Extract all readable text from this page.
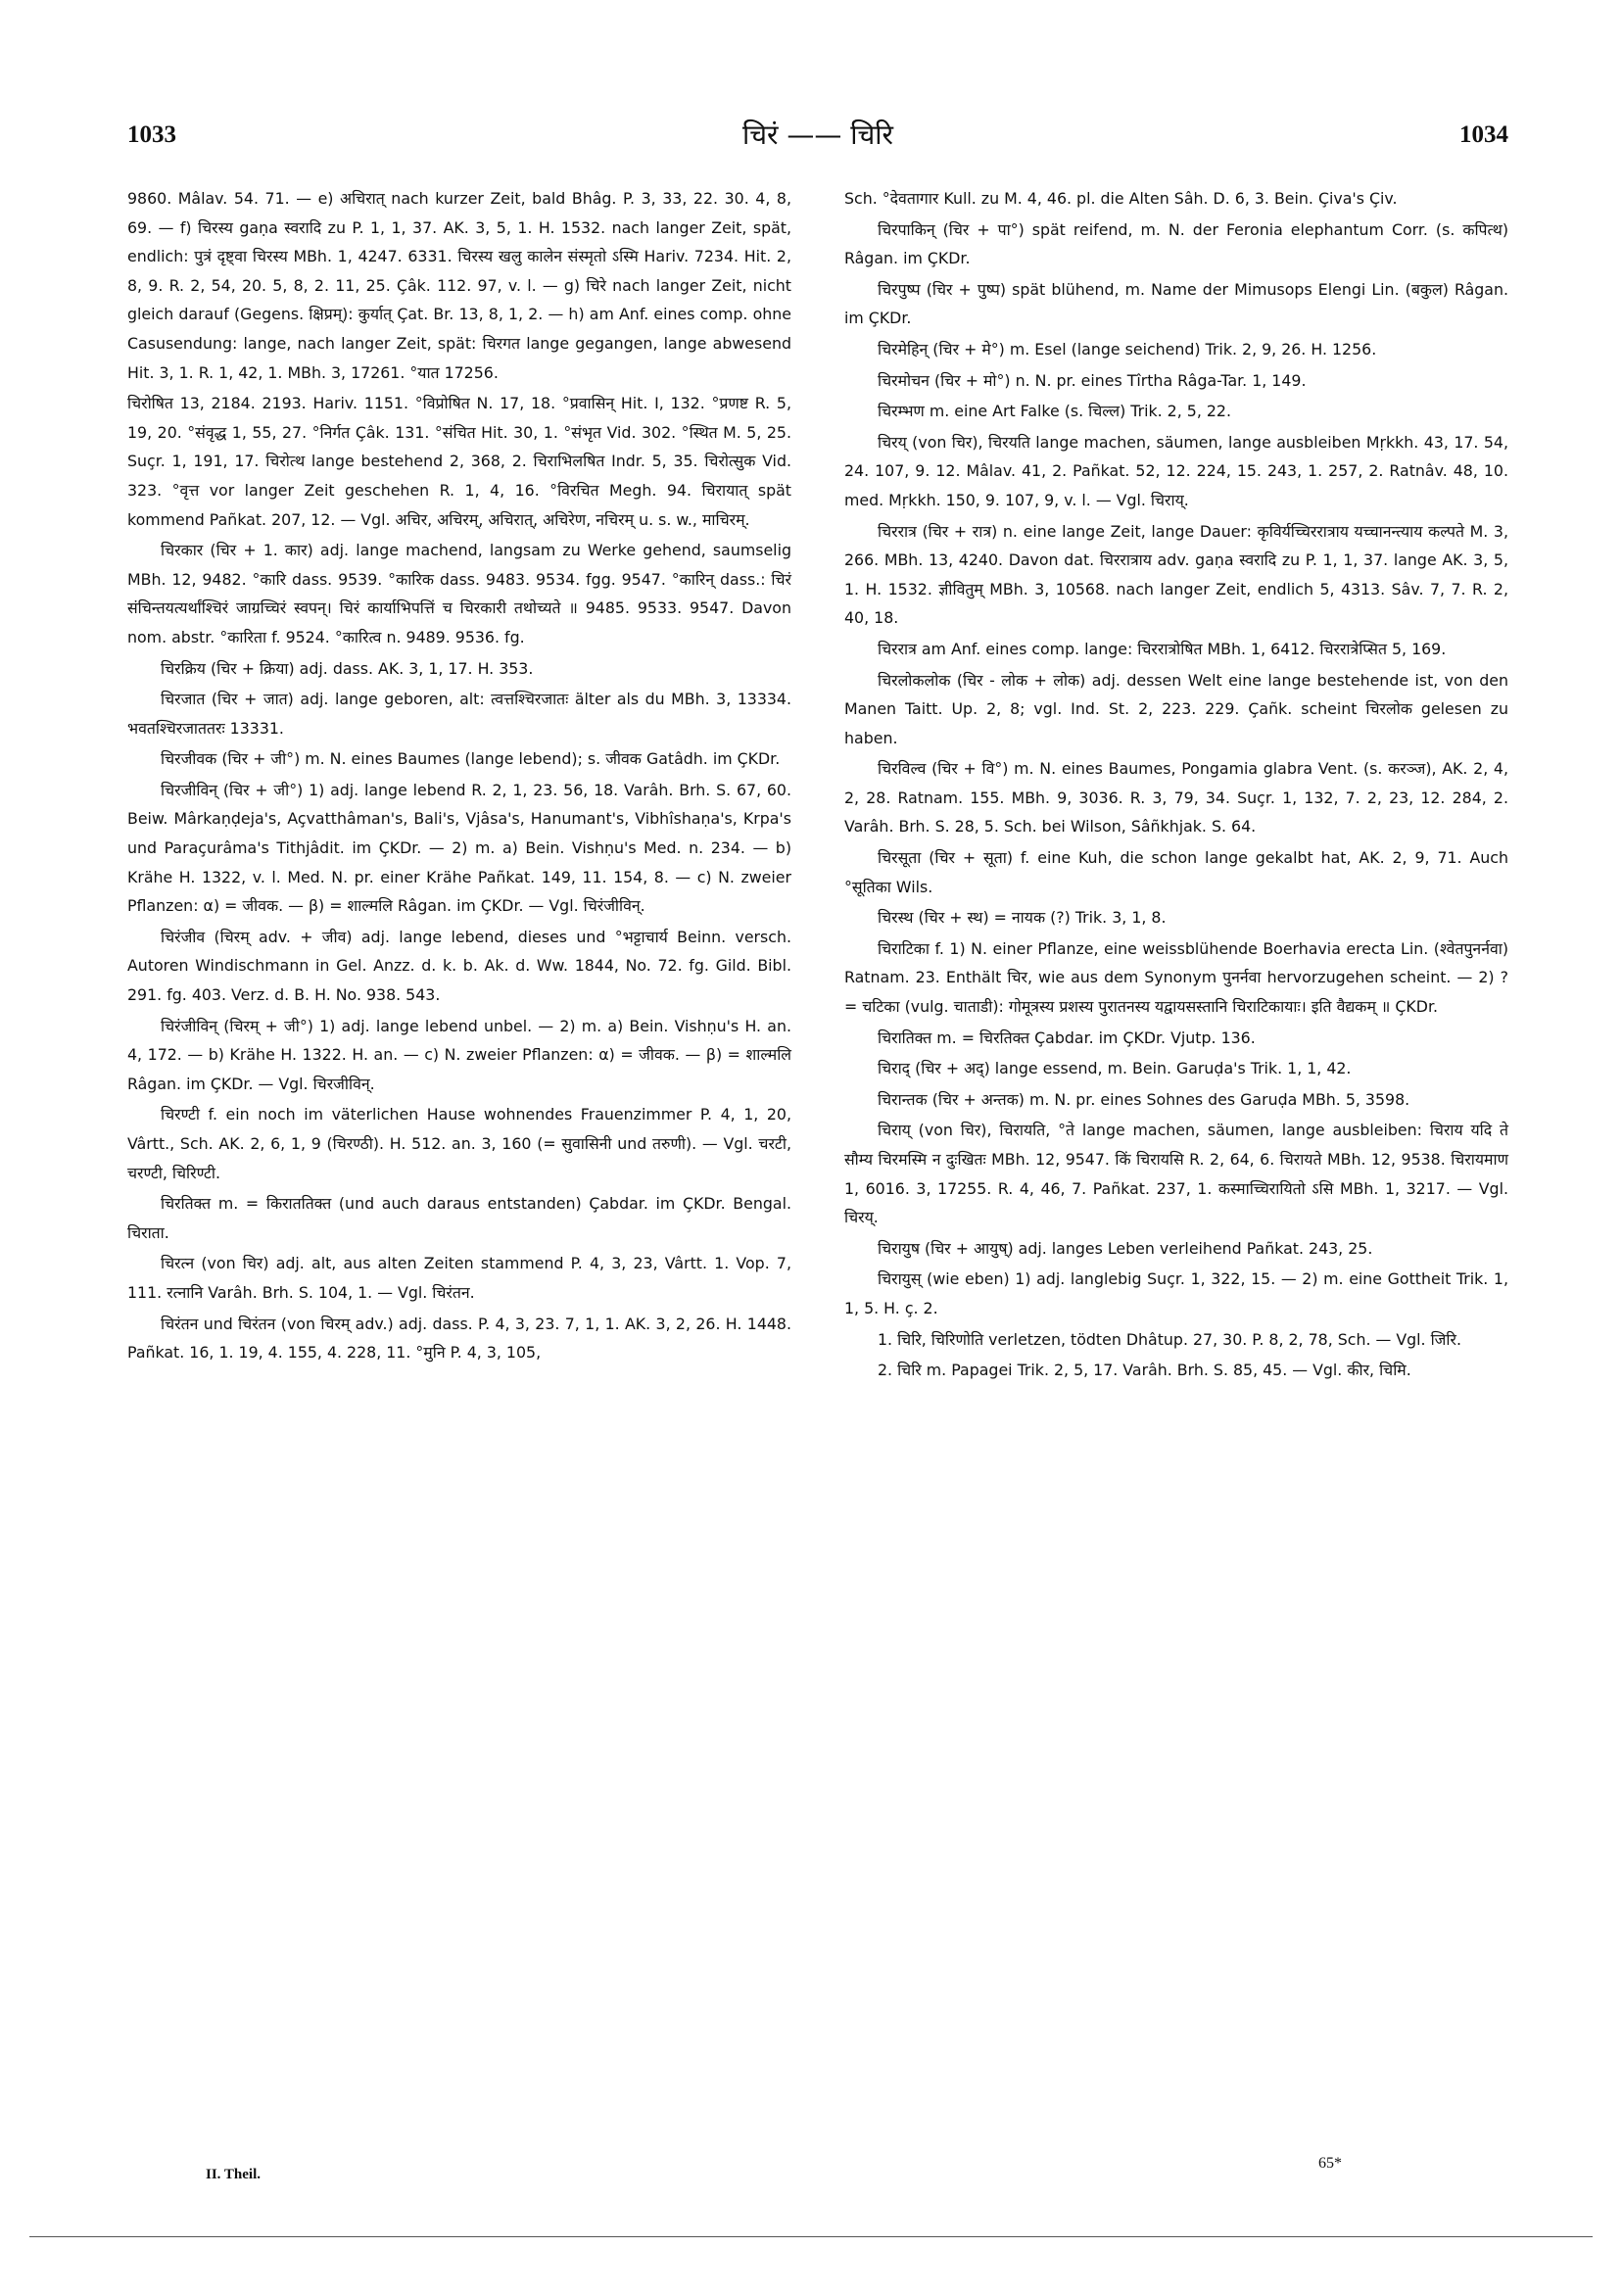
1033	चिरं —— चिरि	1034

9860. Mâlav. 54. 71. — e) अचिरात् nach kurzer Zeit, bald Bhâg. P. 3, 33, 22. 30. 4, 8, 69. — f) चिरस्य gaṇa स्वरादि zu P. 1, 1, 37. AK. 3, 5, 1. H. 1532. nach langer Zeit, spät, endlich: पुत्रं दृष्ट्वा चिरस्य MBh. 1, 4247. 6331. चिरस्य खलु कालेन संस्मृतो ऽस्मि Hariv. 7234. Hit. 2, 8, 9. R. 2, 54, 20. 5, 8, 2. 11, 25. Çâk. 112. 97, v. l. — g) चिरे nach langer Zeit, nicht gleich darauf (Gegens. क्षिप्रम्): कुर्यात् Çat. Br. 13, 8, 1, 2. — h) am Anf. eines comp. ohne Casusendung: lange, nach langer Zeit, spät: चिरगत lange gegangen, lange abwesend Hit. 3, 1. R. 1, 42, 1. MBh. 3, 17261. °यात 17256.

चिरोषित 13, 2184. 2193. Hariv. 1151. °विप्रोषित N. 17, 18. °प्रवासिन् Hit. I, 132. °प्रणष्ट R. 5, 19, 20. °संवृद्ध 1, 55, 27. °निर्गत Çâk. 131. °संचित Hit. 30, 1. °संभृत Vid. 302. °स्थित M. 5, 25. Suçr. 1, 191, 17. चिरोत्थ lange bestehend 2, 368, 2. चिराभिलषित Indr. 5, 35. चिरोत्सुक Vid. 323. °वृत्त vor langer Zeit geschehen R. 1, 4, 16. °विरचित Megh. 94. चिरायात् spät kommend Pañkat. 207, 12. — Vgl. अचिर, अचिरम्, अचिरात्, अचिरेण, नचिरम् u. s. w., माचिरम्.

चिरकार (चिर + 1. कार) adj. lange machend, langsam zu Werke gehend, saumselig MBh. 12, 9482. °कारि dass. 9539. °कारिक dass. 9483. 9534. fgg. 9547. °कारिन् dass.: चिरं संचिन्तयत्यर्थांश्चिरं जाग्रच्चिरं स्वपन्। चिरं कार्याभिपत्तिं च चिरकारी तथोच्यते ॥ 9485. 9533. 9547. Davon nom. abstr. °कारिता f. 9524. °कारित्व n. 9489. 9536. fg.

चिरक्रिय (चिर + क्रिया) adj. dass. AK. 3, 1, 17. H. 353.

चिरजात (चिर + जात) adj. lange geboren, alt: त्वत्तश्चिरजातः älter als du MBh. 3, 13334. भवतश्चिरजाततरः 13331.

चिरजीवक (चिर + जी°) m. N. eines Baumes (lange lebend); s. जीवक Gatâdh. im ÇKDr.

चिरजीविन् (चिर + जी°) 1) adj. lange lebend R. 2, 1, 23. 56, 18. Varâh. Brh. S. 67, 60. Beiw. Mârkaṇḍeja's, Açvatthâman's, Bali's, Vjâsa's, Hanumant's, Vibhîshaṇa's, Krpa's und Paraçurâma's Tithjâdit. im ÇKDr. — 2) m. a) Bein. Vishṇu's Med. n. 234. — b) Krähe H. 1322, v. l. Med. N. pr. einer Krähe Pañkat. 149, 11. 154, 8. — c) N. zweier Pflanzen: α) = जीवक. — β) = शाल्मलि Râgan. im ÇKDr. — Vgl. चिरंजीविन्.

चिरंजीव (चिरम् adv. + जीव) adj. lange lebend, dieses und °भट्टाचार्य Beinn. versch. Autoren Windischmann in Gel. Anzz. d. k. b. Ak. d. Ww. 1844, No. 72. fg. Gild. Bibl. 291. fg. 403. Verz. d. B. H. No. 938. 543.

चिरंजीविन् (चिरम् + जी°) 1) adj. lange lebend unbel. — 2) m. a) Bein. Vishṇu's H. an. 4, 172. — b) Krähe H. 1322. H. an. — c) N. zweier Pflanzen: α) = जीवक. — β) = शाल्मलि Râgan. im ÇKDr. — Vgl. चिरजीविन्.

चिरण्टी f. ein noch im väterlichen Hause wohnendes Frauenzimmer P. 4, 1, 20, Vârtt., Sch. AK. 2, 6, 1, 9 (चिरण्ठी). H. 512. an. 3, 160 (= सुवासिनी und तरुणी). — Vgl. चरटी, चरण्टी, चिरिण्टी.

चिरतिक्त m. = किराततिक्त (und auch daraus entstanden) Çabdar. im ÇKDr. Bengal. चिराता.

चिरत्न (von चिर) adj. alt, aus alten Zeiten stammend P. 4, 3, 23, Vârtt. 1. Vop. 7, 111. रत्नानि Varâh. Brh. S. 104, 1. — Vgl. चिरंतन.

चिरंतन und चिरंतन (von चिरम् adv.) adj. dass. P. 4, 3, 23. 7, 1, 1. AK. 3, 2, 26. H. 1448. Pañkat. 16, 1. 19, 4. 155, 4. 228, 11. °मुनि P. 4, 3, 105,

Sch. °देवतागार Kull. zu M. 4, 46. pl. die Alten Sâh. D. 6, 3. Bein. Çiva's Çiv.

चिरपाकिन् (चिर + पा°) spät reifend, m. N. der Feronia elephantum Corr. (s. कपित्थ) Râgan. im ÇKDr.

चिरपुष्प (चिर + पुष्प) spät blühend, m. Name der Mimusops Elengi Lin. (बकुल) Râgan. im ÇKDr.

चिरमेहिन् (चिर + मे°) m. Esel (lange seichend) Trik. 2, 9, 26. H. 1256.

चिरमोचन (चिर + मो°) n. N. pr. eines Tîrtha Râga-Tar. 1, 149.

चिरम्भण m. eine Art Falke (s. चिल्ल) Trik. 2, 5, 22.

चिरय् (von चिर), चिरयति lange machen, säumen, lange ausbleiben Mṛkkh. 43, 17. 54, 24. 107, 9. 12. Mâlav. 41, 2. Pañkat. 52, 12. 224, 15. 243, 1. 257, 2. Ratnâv. 48, 10. med. Mṛkkh. 150, 9. 107, 9, v. l. — Vgl. चिराय्.

चिररात्र (चिर + रात्र) n. eine lange Zeit, lange Dauer: कृविर्यच्चिररात्राय यच्चानन्त्याय कल्पते M. 3, 266. MBh. 13, 4240. Davon dat. चिररात्राय adv. gaṇa स्वरादि zu P. 1, 1, 37. lange AK. 3, 5, 1. H. 1532. ज्ञीवितुम् MBh. 3, 10568. nach langer Zeit, endlich 5, 4313. Sâv. 7, 7. R. 2, 40, 18.

चिररात्र am Anf. eines comp. lange: चिररात्रोषित MBh. 1, 6412. चिररात्रेप्सित 5, 169.

चिरलोकलोक (चिर - लोक + लोक) adj. dessen Welt eine lange bestehende ist, von den Manen Taitt. Up. 2, 8; vgl. Ind. St. 2, 223. 229. Çañk. scheint चिरलोक gelesen zu haben.

चिरविल्व (चिर + वि°) m. N. eines Baumes, Pongamia glabra Vent. (s. करञ्ज), AK. 2, 4, 2, 28. Ratnam. 155. MBh. 9, 3036. R. 3, 79, 34. Suçr. 1, 132, 7. 2, 23, 12. 284, 2. Varâh. Brh. S. 28, 5. Sch. bei Wilson, Sâñkhjak. S. 64.

चिरसूता (चिर + सूता) f. eine Kuh, die schon lange gekalbt hat, AK. 2, 9, 71. Auch °सूतिका Wils.

चिरस्थ (चिर + स्थ) = नायक (?) Trik. 3, 1, 8.

चिराटिका f. 1) N. einer Pflanze, eine weissblühende Boerhavia erecta Lin. (श्वेतपुनर्नवा) Ratnam. 23. Enthält चिर, wie aus dem Synonym पुनर्नवा hervorzugehen scheint. — 2) ? = चटिका (vulg. चाताडी): गोमूत्रस्य प्रशस्य पुरातनस्य यद्वायसस्तानि चिराटिकायाः। इति वैद्यकम् ॥ ÇKDr.

चिरातिक्त m. = चिरतिक्त Çabdar. im ÇKDr. Vjutp. 136.

चिराद् (चिर + अद्) lange essend, m. Bein. Garuḍa's Trik. 1, 1, 42.

चिरान्तक (चिर + अन्तक) m. N. pr. eines Sohnes des Garuḍa MBh. 5, 3598.

चिराय् (von चिर), चिरायति, °ते lange machen, säumen, lange ausbleiben: चिराय यदि ते सौम्य चिरमस्मि न दुःखितः MBh. 12, 9547. किं चिरायसि R. 2, 64, 6. चिरायते MBh. 12, 9538. चिरायमाण 1, 6016. 3, 17255. R. 4, 46, 7. Pañkat. 237, 1. कस्माच्चिरायितो ऽसि MBh. 1, 3217. — Vgl. चिरय्.

चिरायुष (चिर + आयुष्) adj. langes Leben verleihend Pañkat. 243, 25.

चिरायुस् (wie eben) 1) adj. langlebig Suçr. 1, 322, 15. — 2) m. eine Gottheit Trik. 1, 1, 5. H. ç. 2.

1. चिरि, चिरिणोति verletzen, tödten Dhâtup. 27, 30. P. 8, 2, 78, Sch. — Vgl. जिरि.

2. चिरि m. Papagei Trik. 2, 5, 17. Varâh. Brh. S. 85, 45. — Vgl. कीर, चिमि.

II. Theil.
65*
